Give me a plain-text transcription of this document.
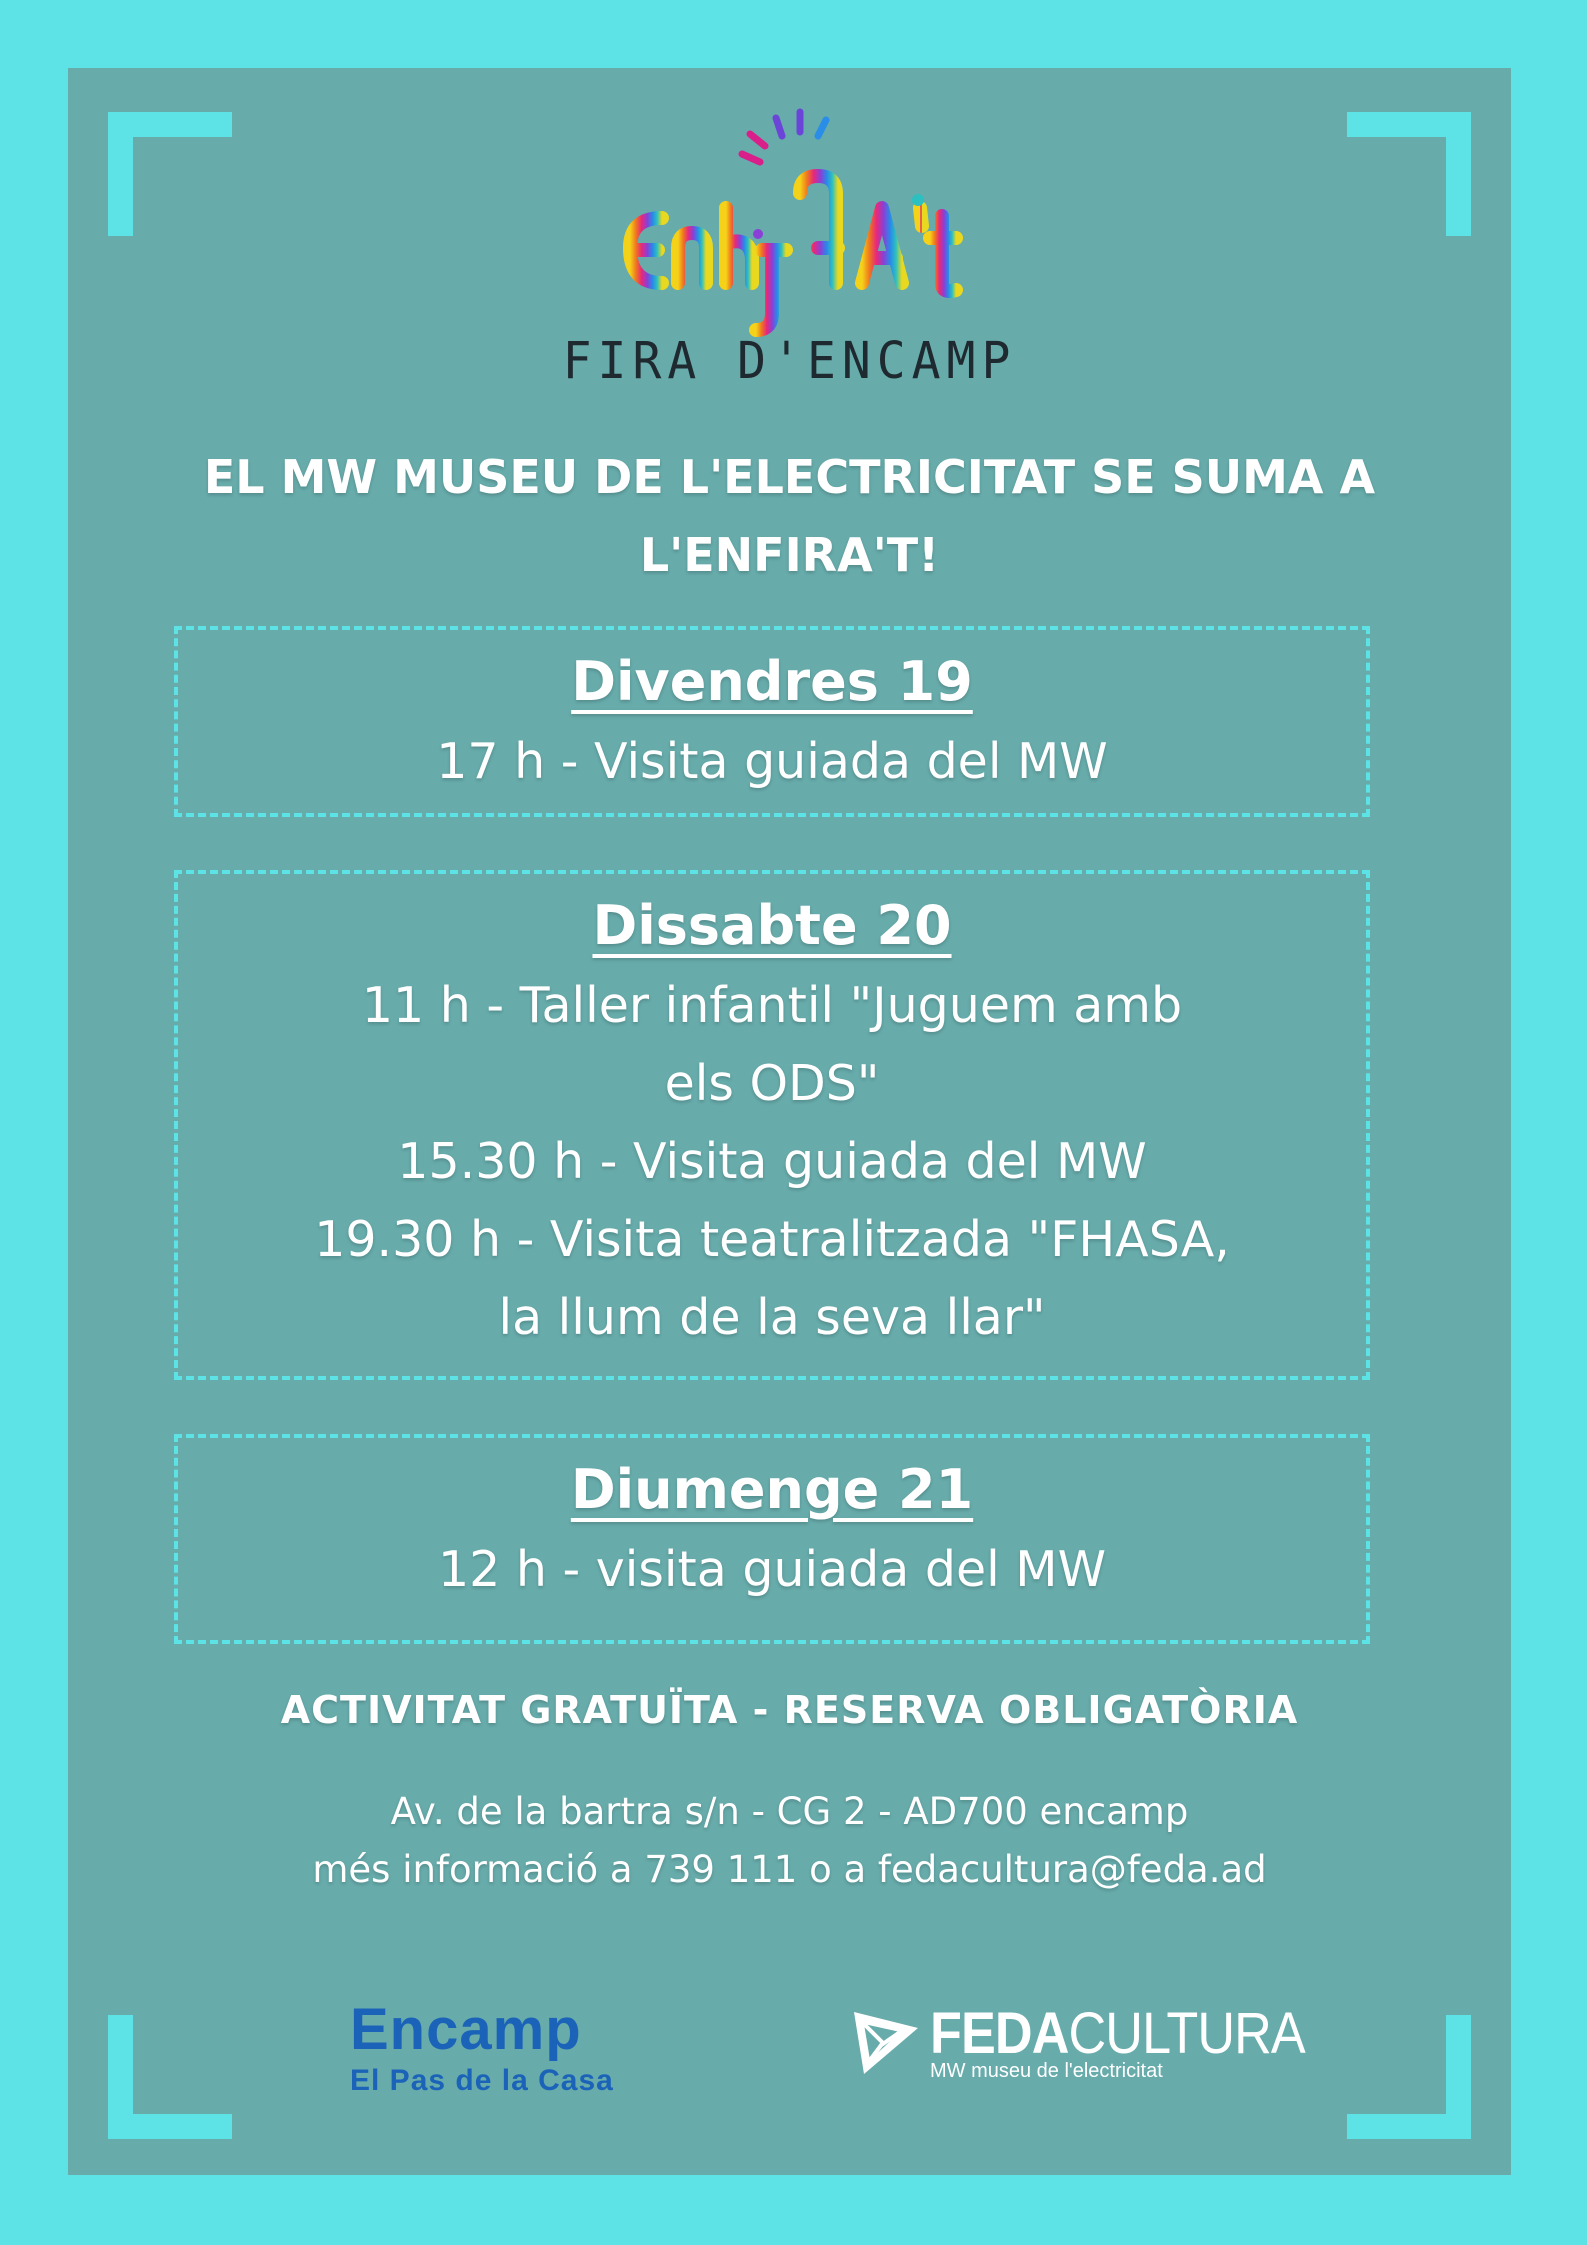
FIRA D'ENCAMP
EL MW MUSEU DE L'ELECTRICITAT SE SUMA A
L'ENFIRA'T!
Divendres 19
17 h - Visita guiada del MW
Dissabte 20
11 h - Taller infantil "Juguem amb
els ODS"
15.30 h - Visita guiada del MW
19.30 h - Visita teatralitzada "FHASA,
la llum de la seva llar"
Diumenge 21
12 h - visita guiada del MW
ACTIVITAT GRATUÏTA - RESERVA OBLIGATÒRIA
Av. de la bartra s/n - CG 2 - AD700 encamp
més informació a 739 111 o a fedacultura@feda.ad
Encamp
El Pas de la Casa
FEDACULTURA
MW museu de l'electricitat
